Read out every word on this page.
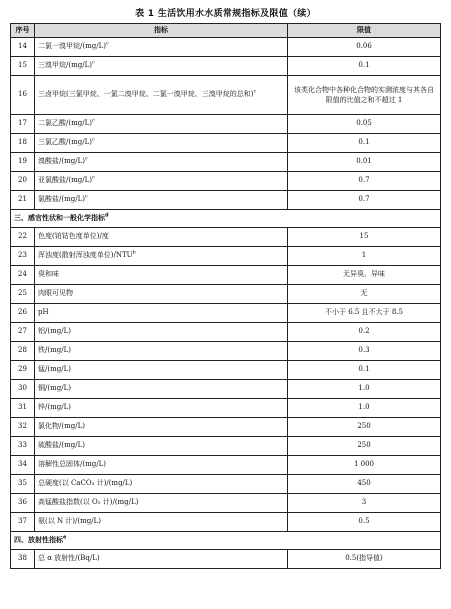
表 1 生活饮用水水质常规指标及限值（续）
序号	指标	限值
14	二氯一溴甲烷$/(mg/L)^c$	0.06
15	三溴甲烷$/(mg/L)^c$	0.1
16	三卤甲烷(三氯甲烷、一氯二溴甲烷、二氯一溴甲烷、三溴甲烷的总和)$^c$	该类化合物中各种化合物的实测浓度与其各自限值的比值之和不超过 1
17	二氯乙酸$/(mg/L)^c$	0.05
18	三氯乙酸$/(mg/L)^c$	0.1
19	溴酸盐$/(mg/L)^c$	0.01
20	亚氯酸盐$/(mg/L)^c$	0.7
21	氯酸盐$/(mg/L)^c$	0.7
三、感官性状和一般化学指标$^d$
22	色度(铂钴色度单位)/度	15
23	浑浊度(散射浑浊度单位)/NTU$^b$	1
24	臭和味	无异臭、异味
25	肉眼可见物	无
26	pH	不小于 6.5 且不大于 8.5
27	铝/(mg/L)	0.2
28	铁/(mg/L)	0.3
29	锰/(mg/L)	0.1
30	铜/(mg/L)	1.0
31	锌/(mg/L)	1.0
32	氯化物/(mg/L)	250
33	硫酸盐/(mg/L)	250
34	溶解性总固体/(mg/L)	1 000
35	总硬度(以 CaCO₃ 计)/(mg/L)	450
36	高锰酸盐指数(以 O₂ 计)/(mg/L)	3
37	氨(以 N 计)/(mg/L)	0.5
四、放射性指标$^e$
38	总 α 放射性/(Bq/L)	0.5(指导值)
